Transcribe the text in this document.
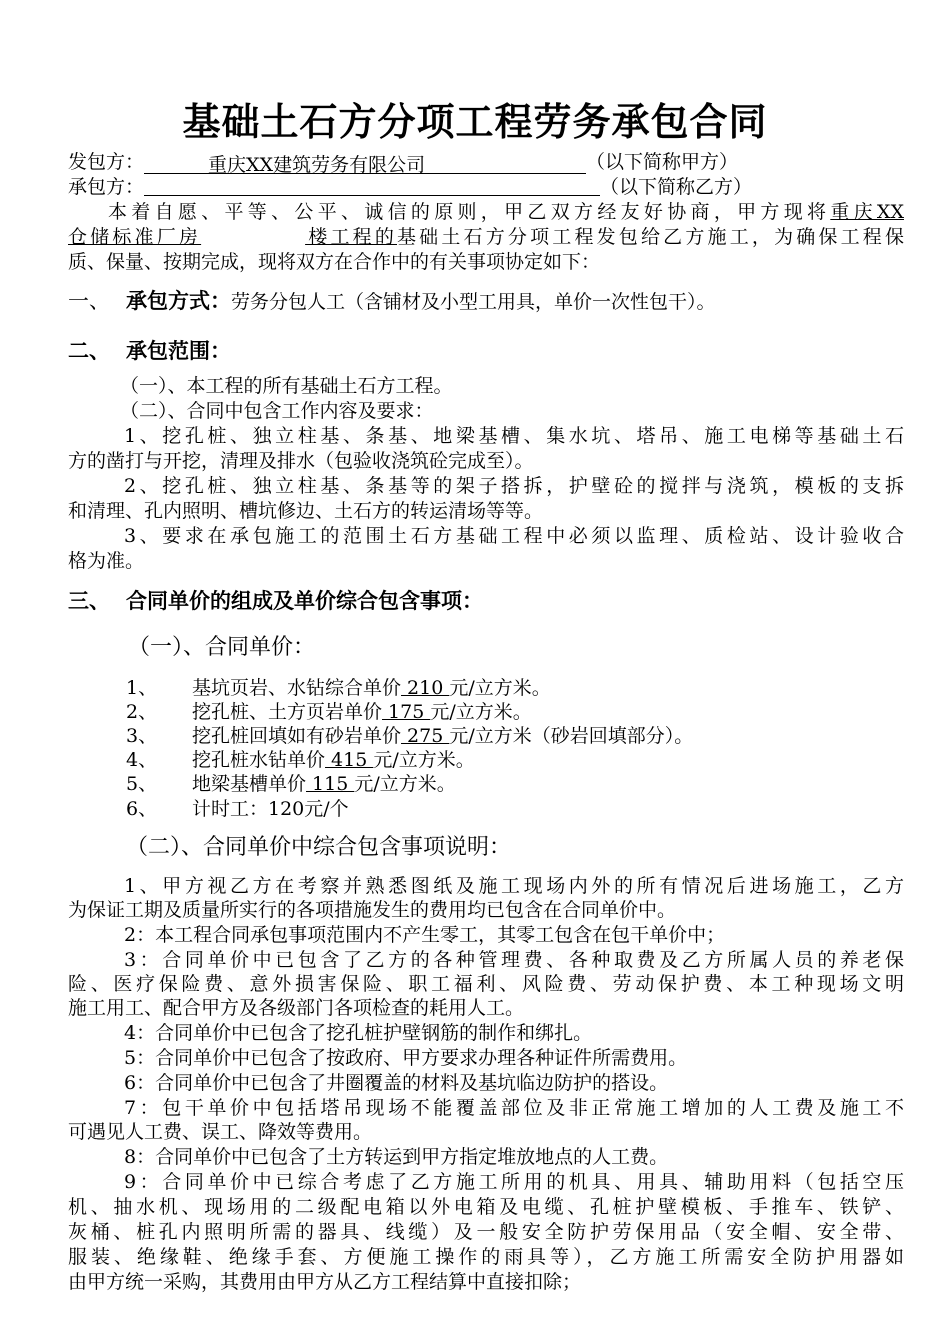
基础土石方分项工程劳务承包合同
发包方：	重庆XX建筑劳务有限公司	（以下简称甲方）
承包方：	（以下简称乙方）
本着自愿、平等、公平、诚信的原则，甲乙双方经友好协商，甲方现将重庆XX
仓储标准厂房	楼工程的基础土石方分项工程发包给乙方施工，为确保工程保
质、保量、按期完成，现将双方在合作中的有关事项协定如下：
一、 承包方式：劳务分包人工（含铺材及小型工用具，单价一次性包干）。
二、 承包范围：
（一）、本工程的所有基础土石方工程。
（二）、合同中包含工作内容及要求：
1、挖孔桩、独立柱基、条基、地梁基槽、集水坑、塔吊、施工电梯等基础土石
方的凿打与开挖，清理及排水（包验收浇筑砼完成至）。
2、挖孔桩、独立柱基、条基等的架子搭拆，护壁砼的搅拌与浇筑，模板的支拆
和清理、孔内照明、槽坑修边、土石方的转运清场等等。
3、要求在承包施工的范围土石方基础工程中必须以监理、质检站、设计验收合
格为准。
三、 合同单价的组成及单价综合包含事项：
（一）、合同单价：
1、 基坑页岩、水钻综合单价 210 元/立方米。
2、 挖孔桩、土方页岩单价 175 元/立方米。
3、 挖孔桩回填如有砂岩单价 275 元/立方米（砂岩回填部分）。
4、 挖孔桩水钻单价 415 元/立方米。
5、 地梁基槽单价 115 元/立方米。
6、 计时工：120元/个
（二）、合同单价中综合包含事项说明：
1、甲方视乙方在考察并熟悉图纸及施工现场内外的所有情况后进场施工，乙方
为保证工期及质量所实行的各项措施发生的费用均已包含在合同单价中。
2：本工程合同承包事项范围内不产生零工，其零工包含在包干单价中；
3：合同单价中已包含了乙方的各种管理费、各种取费及乙方所属人员的养老保
险、医疗保险费、意外损害保险、职工福利、风险费、劳动保护费、本工种现场文明
施工用工、配合甲方及各级部门各项检查的耗用人工。
4：合同单价中已包含了挖孔桩护壁钢筋的制作和绑扎。
5：合同单价中已包含了按政府、甲方要求办理各种证件所需费用。
6：合同单价中已包含了井圈覆盖的材料及基坑临边防护的搭设。
7：包干单价中包括塔吊现场不能覆盖部位及非正常施工增加的人工费及施工不
可遇见人工费、误工、降效等费用。
8：合同单价中已包含了土方转运到甲方指定堆放地点的人工费。
9：合同单价中已综合考虑了乙方施工所用的机具、用具、辅助用料（包括空压
机、抽水机、现场用的二级配电箱以外电箱及电缆、孔桩护壁模板、手推车、铁铲、
灰桶、桩孔内照明所需的器具、线缆）及一般安全防护劳保用品（安全帽、安全带、
服装、绝缘鞋、绝缘手套、方便施工操作的雨具等），乙方施工所需安全防护用器如
由甲方统一采购，其费用由甲方从乙方工程结算中直接扣除；
